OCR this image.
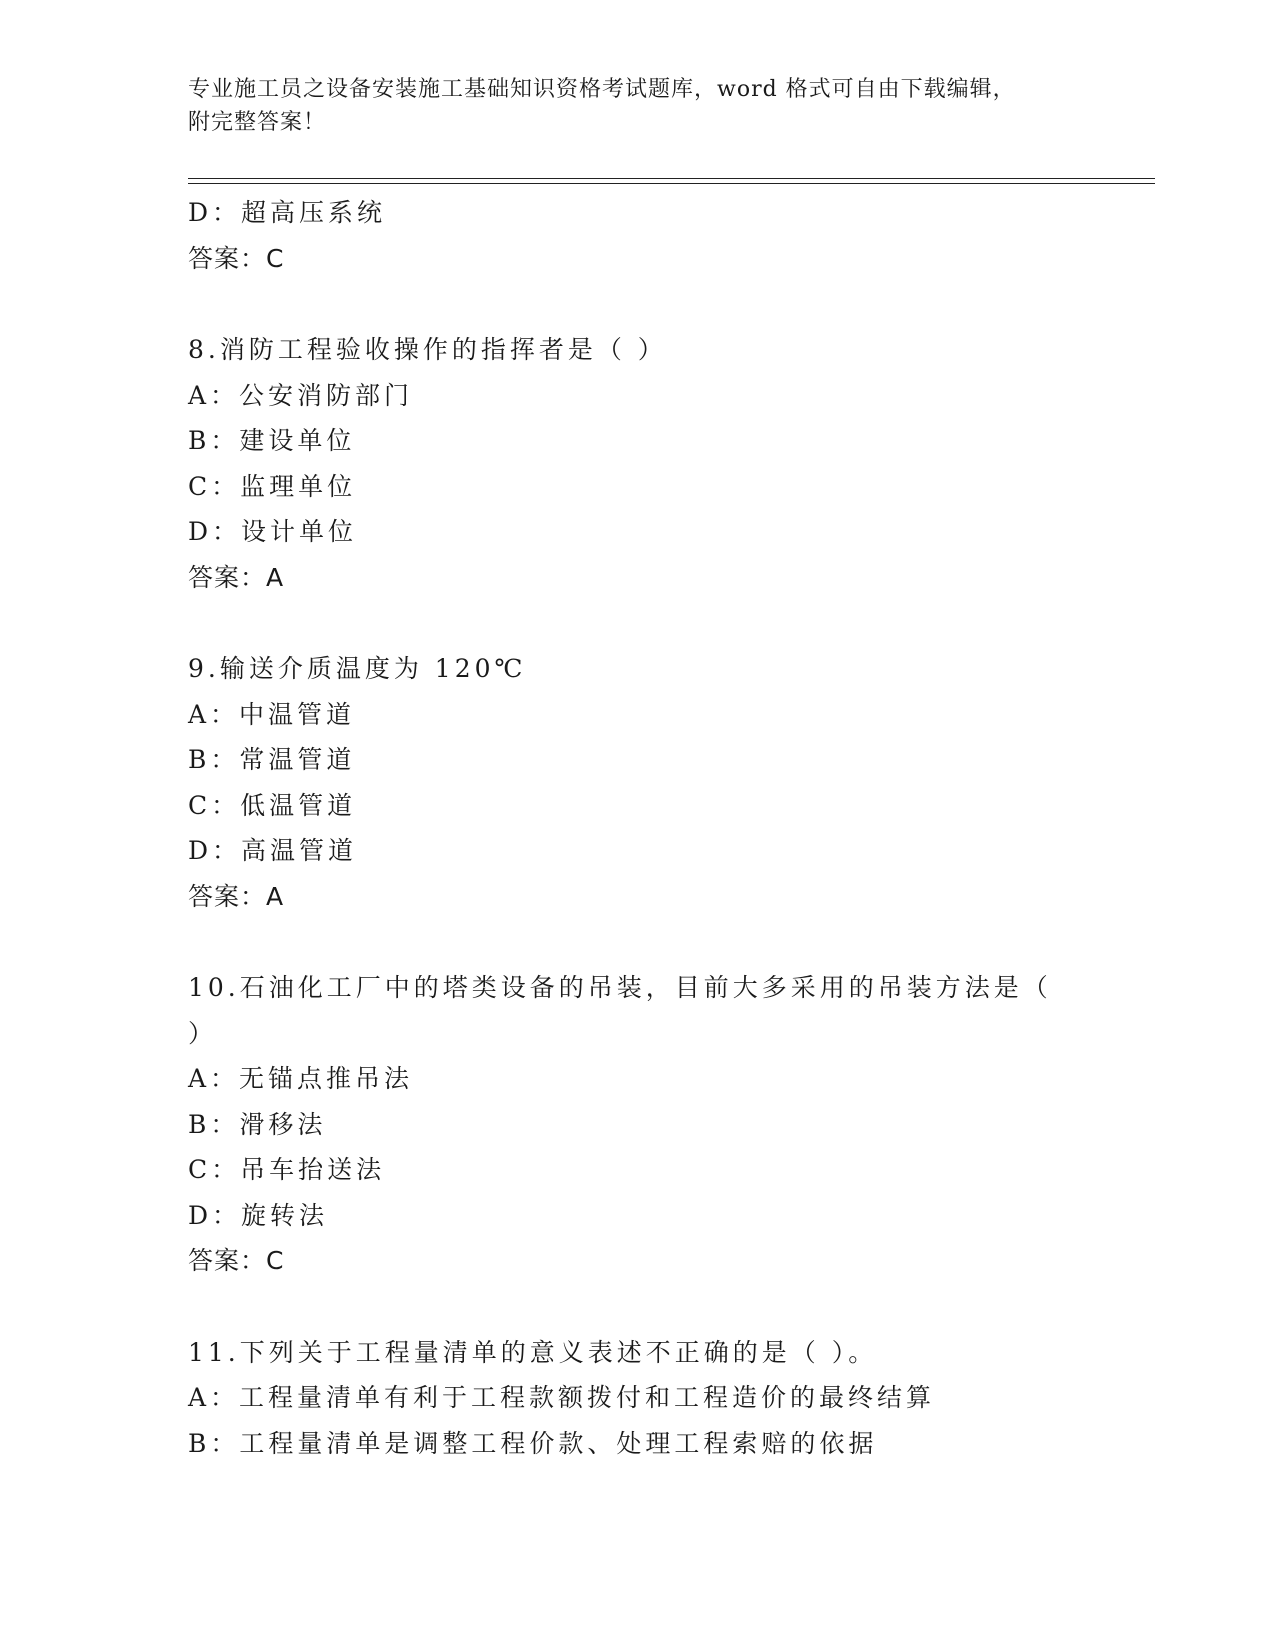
专业施工员之设备安装施工基础知识资格考试题库，word 格式可自由下载编辑，
附完整答案！
D：超高压系统
答案：C
8.消防工程验收操作的指挥者是（ ）
A：公安消防部门
B：建设单位
C：监理单位
D：设计单位
答案：A
9.输送介质温度为 120℃
A：中温管道
B：常温管道
C：低温管道
D：高温管道
答案：A
10.石油化工厂中的塔类设备的吊装，目前大多采用的吊装方法是（
）
A：无锚点推吊法
B：滑移法
C：吊车抬送法
D：旋转法
答案：C
11.下列关于工程量清单的意义表述不正确的是（ ）。
A：工程量清单有利于工程款额拨付和工程造价的最终结算
B：工程量清单是调整工程价款、处理工程索赔的依据
